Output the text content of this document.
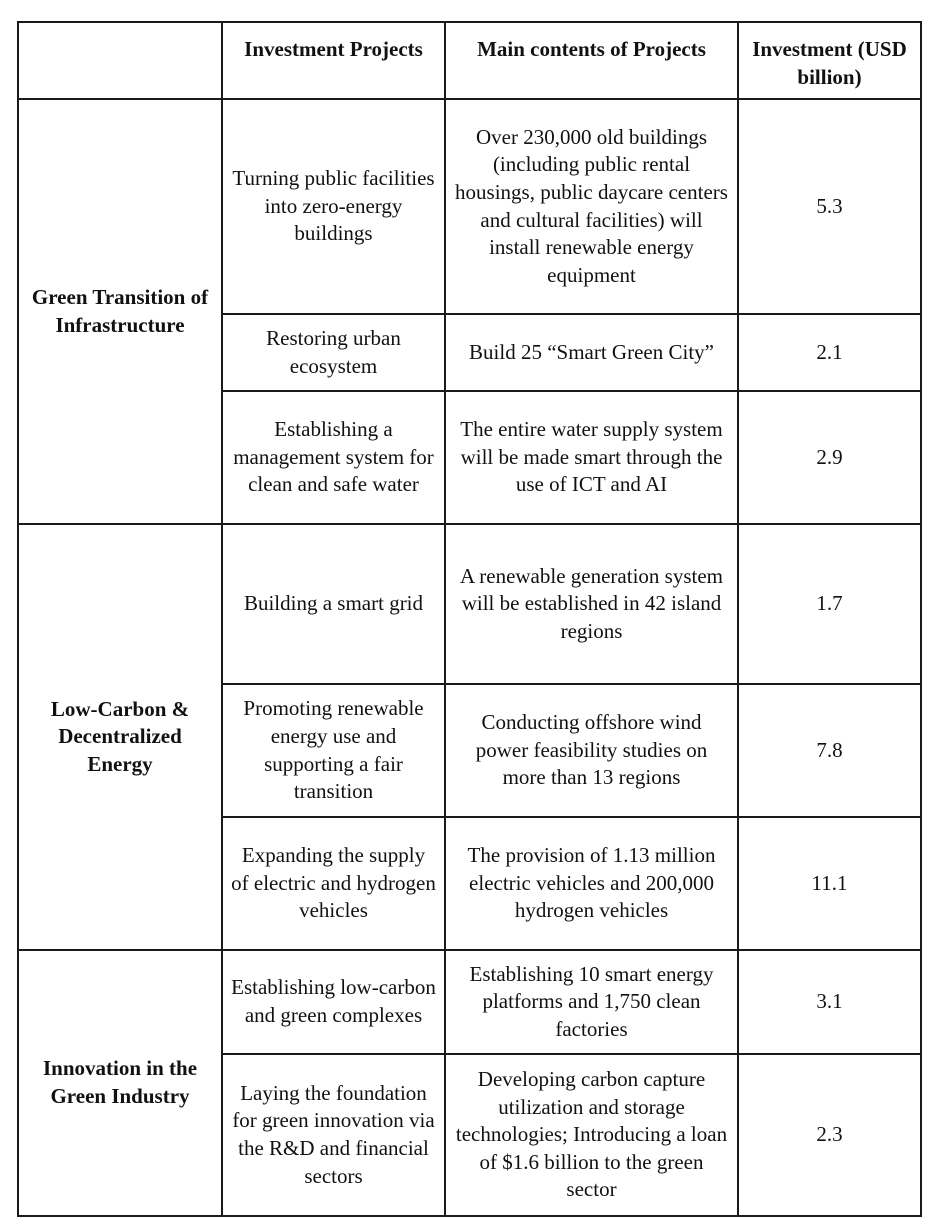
	Investment Projects	Main contents of Projects	Investment (USD billion)
Green Transition of Infrastructure	Turning public facilities into zero-energy buildings	Over 230,000 old buildings (including public rental housings, public daycare centers and cultural facilities) will install renewable energy equipment	5.3
	Restoring urban ecosystem	Build 25 “Smart Green City”	2.1
	Establishing a management system for clean and safe water	The entire water supply system will be made smart through the use of ICT and AI	2.9
Low-Carbon & Decentralized Energy	Building a smart grid	A renewable generation system will be established in 42 island regions	1.7
	Promoting renewable energy use and supporting a fair transition	Conducting offshore wind power feasibility studies on more than 13 regions	7.8
	Expanding the supply of electric and hydrogen vehicles	The provision of 1.13 million electric vehicles and 200,000 hydrogen vehicles	11.1
Innovation in the Green Industry	Establishing low-carbon and green complexes	Establishing 10 smart energy platforms and 1,750 clean factories	3.1
	Laying the foundation for green innovation via the R&D and financial sectors	Developing carbon capture utilization and storage technologies; Introducing a loan of $1.6 billion to the green sector	2.3
